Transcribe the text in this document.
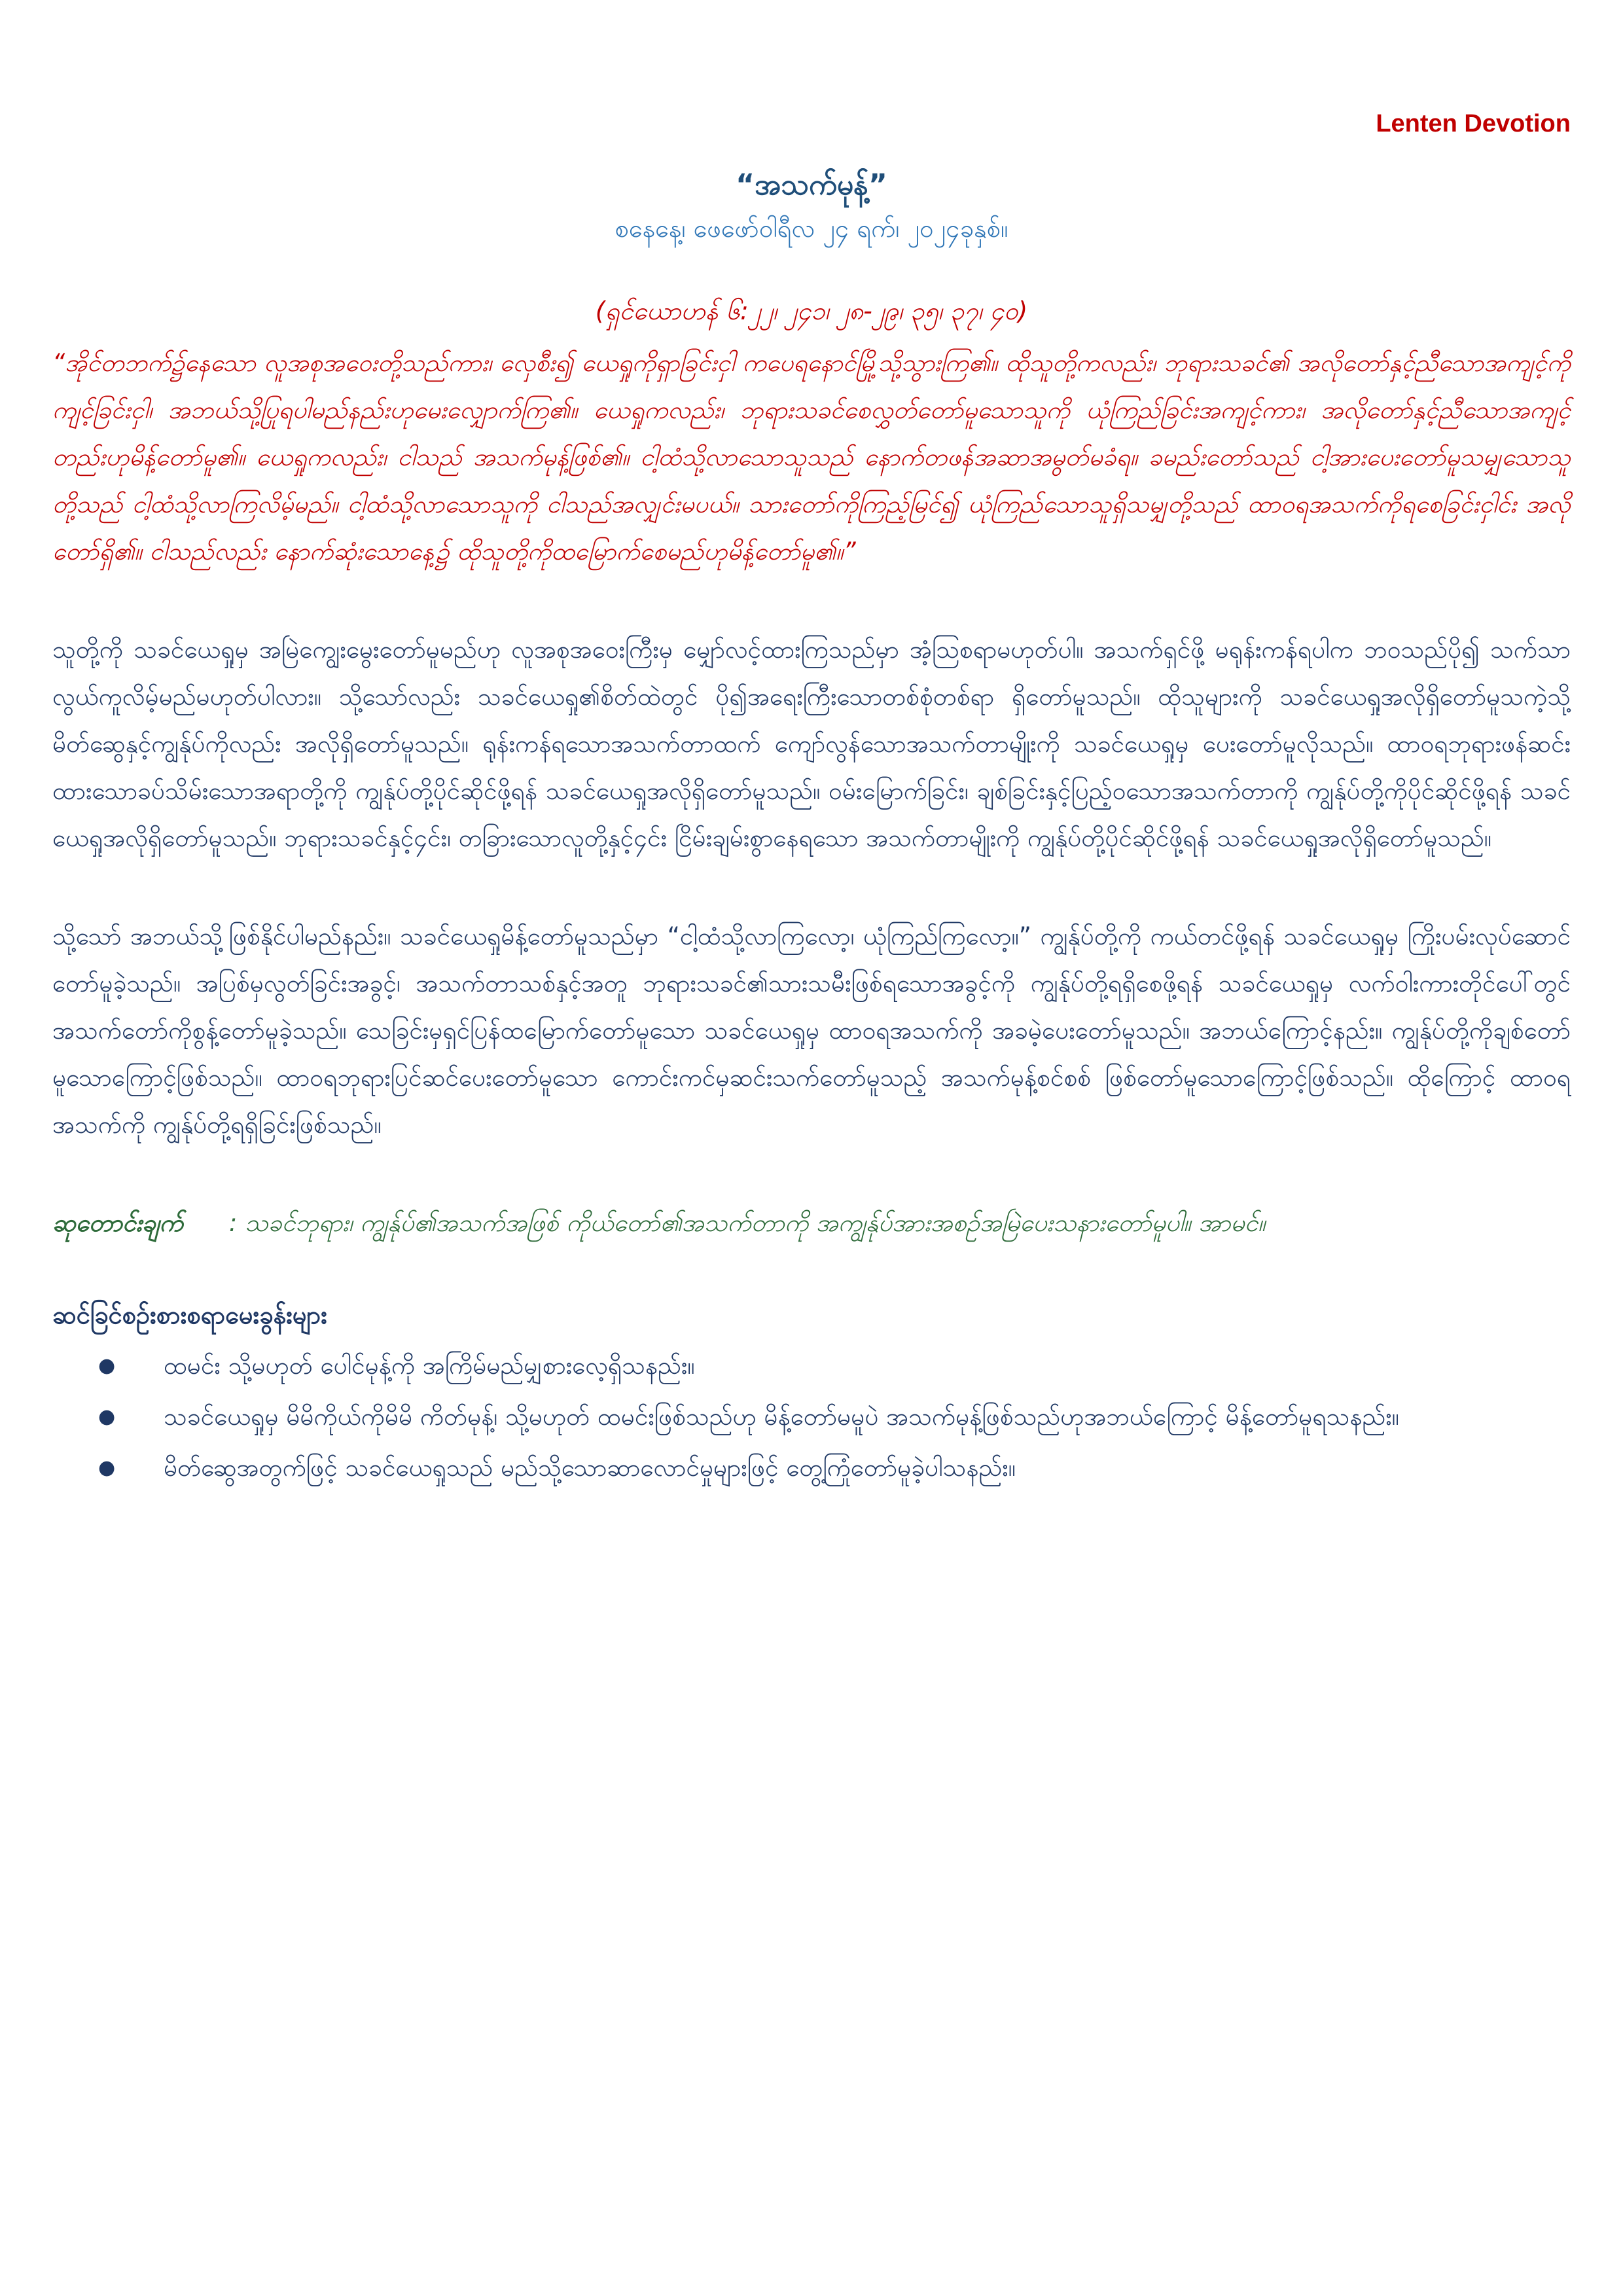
Lenten Devotion
“အသက်မုန့်”
စနေနေ့၊ ဖေဖော်ဝါရီလ ၂၄ ရက်၊ ၂၀၂၄ခုနှစ်။
(ရှင်ယောဟန် ၆:၂၂၊ ၂၄၁၊ ၂၈-၂၉၊ ၃၅၊ ၃၇၊ ၄၀)

“အိုင်တဘက်၌နေသော လူအစုအဝေးတို့သည်ကား၊ လှေစီး၍ ယေရှုကိုရှာခြင်းငှါ ကပေရနောင်မြို့သို့သွားကြ၏။ ထိုသူတို့ကလည်း၊ ဘုရားသခင်၏ အလိုတော်နှင့်ညီသောအကျင့်ကိုကျင့်ခြင်းငှါ၊ အဘယ်သို့ပြုရပါမည်နည်းဟုမေးလျှောက်ကြ၏။ ယေရှုကလည်း၊ ဘုရားသခင်စေလွှတ်တော်မူသောသူကို ယုံကြည်ခြင်းအကျင့်ကား၊ အလိုတော်နှင့်ညီသောအကျင့်တည်းဟုမိန့်တော်မူ၏။ ယေရှုကလည်း၊ ငါသည် အသက်မုန့်ဖြစ်၏။ ငါ့ထံသို့လာသောသူသည် နောက်တဖန်အဆာအမွတ်မခံရ။ ခမည်းတော်သည် ငါ့အားပေးတော်မူသမျှသောသူတို့သည် ငါ့ထံသို့လာကြလိမ့်မည်။ ငါ့ထံသို့လာသောသူကို ငါသည်အလျှင်းမပယ်။ သားတော်ကိုကြည့်မြင်၍ ယုံကြည်သောသူရှိသမျှတို့သည် ထာဝရအသက်ကိုရစေခြင်းငှါင်း အလိုတော်ရှိ၏။ ငါသည်လည်း နောက်ဆုံးသောနေ့၌ ထိုသူတို့ကိုထမြောက်စေမည်ဟုမိန့်တော်မူ၏။”

သူတို့ကို သခင်ယေရှုမှ အမြဲကျွေးမွေးတော်မူမည်ဟု လူအစုအဝေးကြီးမှ မျှော်လင့်ထားကြသည်မှာ အံ့သြစရာမဟုတ်ပါ။ အသက်ရှင်ဖို့ မရုန်းကန်ရပါက ဘဝသည်ပို၍ သက်သာလွယ်ကူလိမ့်မည်မဟုတ်ပါလား။ သို့သော်လည်း သခင်ယေရှု၏စိတ်ထဲတွင် ပို၍အရေးကြီးသောတစ်စုံတစ်ရာ ရှိတော်မူသည်။ ထိုသူများကို သခင်ယေရှုအလိုရှိတော်မူသကဲ့သို့ မိတ်ဆွေနှင့်ကျွန်ုပ်ကိုလည်း အလိုရှိတော်မူသည်။ ရုန်းကန်ရသောအသက်တာထက် ကျော်လွန်သောအသက်တာမျိုးကို သခင်ယေရှုမှ ပေးတော်မူလိုသည်။ ထာဝရဘုရားဖန်ဆင်းထားသောခပ်သိမ်းသောအရာတို့ကို ကျွန်ုပ်တို့ပိုင်ဆိုင်ဖို့ရန် သခင်ယေရှုအလိုရှိတော်မူသည်။ ဝမ်းမြောက်ခြင်း၊ ချစ်ခြင်းနှင့်ပြည့်ဝသောအသက်တာကို ကျွန်ုပ်တို့ကိုပိုင်ဆိုင်ဖို့ရန် သခင်ယေရှုအလိုရှိတော်မူသည်။ ဘုရားသခင်နှင့်၄င်း၊ တခြားသောလူတို့နှင့်၄င်း ငြိမ်းချမ်းစွာနေရသော အသက်တာမျိုးကို ကျွန်ုပ်တို့ပိုင်ဆိုင်ဖို့ရန် သခင်ယေရှုအလိုရှိတော်မူသည်။

သို့သော် အဘယ်သို့ဖြစ်နိုင်ပါမည်နည်း။ သခင်ယေရှုမိန့်တော်မူသည်မှာ “ငါ့ထံသို့လာကြလော့၊ ယုံကြည်ကြလော့။” ကျွန်ုပ်တို့ကို ကယ်တင်ဖို့ရန် သခင်ယေရှုမှ ကြိုးပမ်းလုပ်ဆောင်တော်မူခဲ့သည်။ အပြစ်မှလွတ်ခြင်းအခွင့်၊ အသက်တာသစ်နှင့်အတူ ဘုရားသခင်၏သားသမီးဖြစ်ရသောအခွင့်ကို ကျွန်ုပ်တို့ရရှိစေဖို့ရန် သခင်ယေရှုမှ လက်ဝါးကားတိုင်ပေါ်တွင် အသက်တော်ကိုစွန့်တော်မူခဲ့သည်။ သေခြင်းမှရှင်ပြန်ထမြောက်တော်မူသော သခင်ယေရှုမှ ထာဝရအသက်ကို အခမဲ့ပေးတော်မူသည်။ အဘယ်ကြောင့်နည်း။ ကျွန်ုပ်တို့ကိုချစ်တော်မူသောကြောင့်ဖြစ်သည်။ ထာဝရဘုရားပြင်ဆင်ပေးတော်မူသော ကောင်းကင်မှဆင်းသက်တော်မူသည့် အသက်မုန့်စင်စစ် ဖြစ်တော်မူသောကြောင့်ဖြစ်သည်။ ထိုကြောင့် ထာဝရအသက်ကို ကျွန်ုပ်တို့ရရှိခြင်းဖြစ်သည်။

ဆုတောင်းချက် : သခင်ဘုရား၊ ကျွန်ုပ်၏အသက်အဖြစ် ကိုယ်တော်၏အသက်တာကို အကျွန်ုပ်အားအစဉ်အမြဲပေးသနားတော်မူပါ။ အာမင်။

ဆင်ခြင်စဉ်းစားစရာမေးခွန်းများ
● ထမင်း သို့မဟုတ် ပေါင်မုန့်ကို အကြိမ်မည်မျှစားလေ့ရှိသနည်း။
● သခင်ယေရှုမှ မိမိကိုယ်ကိုမိမိ ကိတ်မုန့်၊ သို့မဟုတ် ထမင်းဖြစ်သည်ဟု မိန့်တော်မမူပဲ အသက်မုန့်ဖြစ်သည်ဟုအဘယ်ကြောင့် မိန့်တော်မူရသနည်း။
● မိတ်ဆွေအတွက်ဖြင့် သခင်ယေရှုသည် မည်သို့သောဆာလောင်မှုများဖြင့် တွေ့ကြုံတော်မူခဲ့ပါသနည်း။
